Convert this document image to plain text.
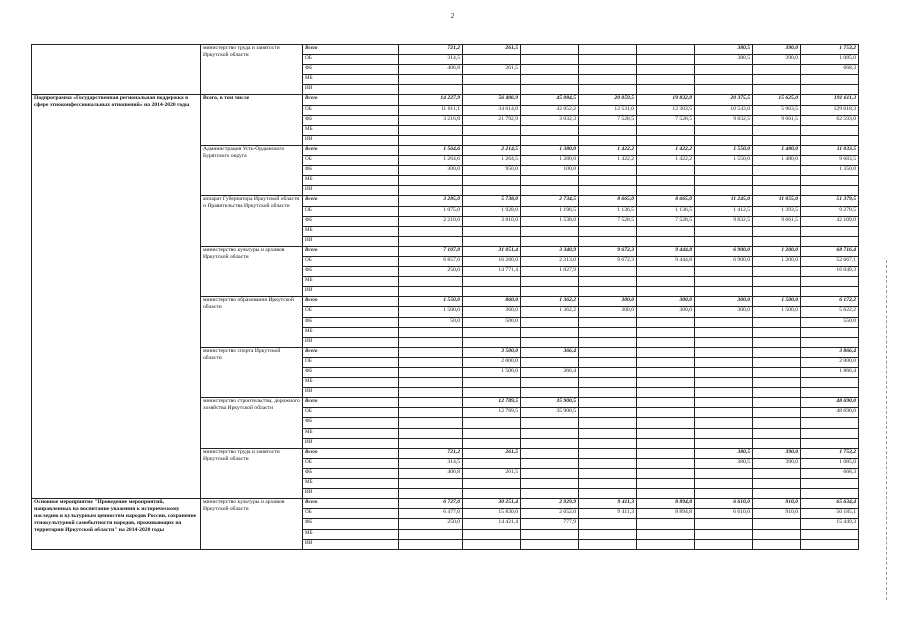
2
	министерство труда и занятости Иркутской области	Всего	721,2	261,5				380,5	390,0	1 753,2
		ОБ	314,5					380,5	390,0	1 085,0
		ФБ	406,8	261,5						668,3
		МБ								
		ИИ								
Подпрограмма «Государственная региональная поддержка в сфере этноконфессиональных отношений» на 2014-2020 годы	Всего, в том числе	Всего	14 227,9	56 406,9	45 084,5	20 059,5	19 832,0	20 375,5	15 625,0	191 611,3
		ОБ	11 011,1	34 614,0	42 052,2	12 531,0	12 303,5	10 543,0	5 963,5	129 018,3
		ФБ	3 216,8	21 792,9	3 032,3	7 528,5	7 528,5	9 832,5	9 661,5	62 593,0
		МБ								
		ИИ								
	Администрация Усть-Ордынского Бурятского округа	Всего	1 564,6	2 214,5	1 380,0	1 422,2	1 422,2	1 550,0	1 480,0	11 033,5
		ОБ	1 264,6	1 264,5	1 280,0	1 422,2	1 422,2	1 550,0	1 480,0	9 683,5
		ФБ	300,0	950,0	100,0					1 350,0
		МБ								
		ИИ								
	аппарат Губернатора Иркутской области и Правительства Иркутской области	Всего	3 285,0	5 738,0	2 734,5	8 665,0	8 665,0	11 245,0	11 055,0	51 379,5
		ОБ	1 075,0	1 928,0	1 196,5	1 136,5	1 136,5	1 412,5	1 393,5	9 270,5
		ФБ	2 210,0	3 810,0	1 538,0	7 528,5	7 528,5	9 832,5	9 661,5	42 109,0
		МБ								
		ИИ								
	министерство культуры и архивов Иркутской области	Всего	7 107,0	31 051,4	3 340,9	9 672,3	9 444,8	6 900,0	1 200,0	68 716,4
		ОБ	6 857,0	16 280,0	2 313,0	9 672,3	9 444,8	6 900,0	1 200,0	52 667,1
		ФБ	250,0	14 771,4	1 027,9					16 049,3
		МБ								
		ИИ								
	министерство образования Иркутской области	Всего	1 550,0	860,0	1 362,2	300,0	300,0	300,0	1 500,0	6 172,2
		ОБ	1 500,0	360,0	1 362,2	300,0	300,0	300,0	1 500,0	5 622,2
		ФБ	50,0	500,0						550,0
		МБ								
		ИИ								
	министерство спорта Иркутской области	Всего		3 500,0	366,4					3 866,4
		ОБ		2 000,0						2 000,0
		ФБ		1 500,0	366,4					1 866,4
		МБ								
		ИИ								
	министерство строительства, дорожного хозяйства Иркутской области	Всего		12 789,5	35 900,5					48 690,0
		ОБ		12 789,5	35 900,5					48 690,0
		ФБ								
		МБ								
		ИИ								
	министерство труда и занятости Иркутской области	Всего	721,2	261,5				380,5	390,0	1 753,2
		ОБ	314,5					380,5	390,0	1 085,0
		ФБ	406,8	261,5						668,3
		МБ								
		ИИ								
Основное мероприятие "Проведение мероприятий, направленных на воспитание уважения к историческому наследию и культурным ценностям народов России, сохранение этнокультурной самобытности народов, проживающих на территории Иркутской области" на 2014-2020 годы	министерство культуры и архивов Иркутской области	Всего	6 727,0	30 251,4	2 929,9	9 411,3	8 894,8	6 610,0	910,0	65 634,4
		ОБ	6 477,0	15 830,0	2 052,0	9 411,3	8 894,8	6 610,0	910,0	50 185,1
		ФБ	250,0	14 421,4	777,9					15 449,3
		МБ								
		ИИ								
